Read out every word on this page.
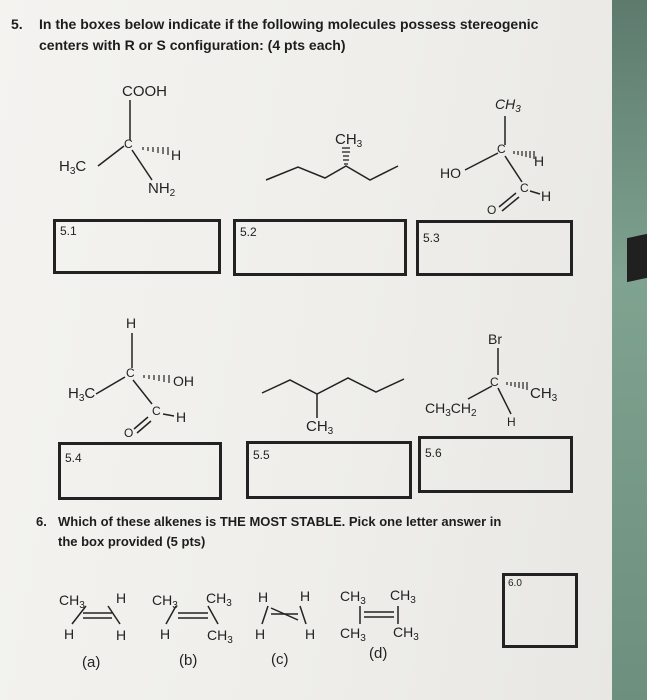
5. In the boxes below indicate if the following molecules possess stereogenic
centers with R or S configuration: (4 pts each)
COOH
C
H
$H_3C$
$NH_2$
$CH_3$
$CH_3$
C
H
HO
C H
O
5.1	5.2	5.3
H
C	OH
$H_3C$
C H
O	$CH_3$
Br
C
$CH_3$
$CH_3CH_2$
H
5.4	5.5	5.6
6. Which of these alkenes is THE MOST STABLE. Pick one letter answer in
the box provided (5 pts)
$CH_3$ H
H	H
(a)
$CH_3$ $CH_3$
H	$CH_3$
(b)
H H
H	H
(c)
$CH_3$ $CH_3$
$CH_3$ $CH_3$
(d)
6.0
